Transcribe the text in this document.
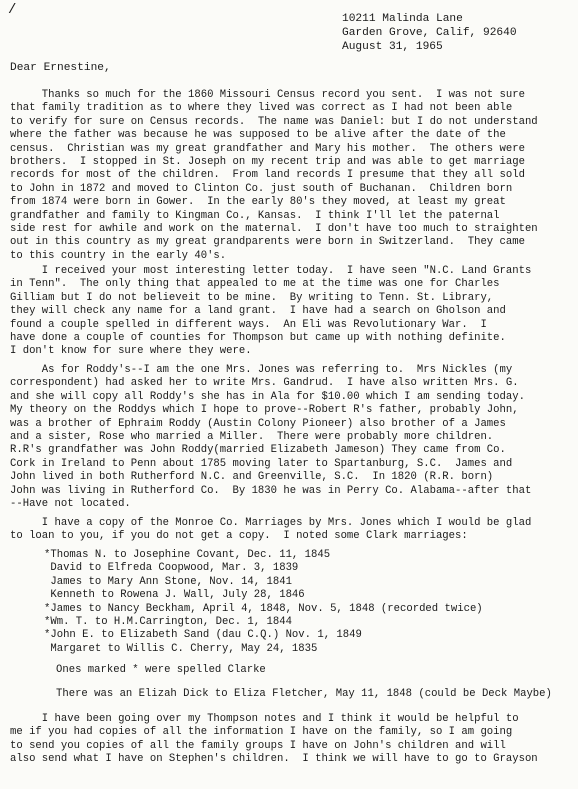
/
10211 Malinda Lane
Garden Grove, Calif, 92640
August 31, 1965
Dear Ernestine,
Thanks so much for the 1860 Missouri Census record you sent.  I was not sure
that family tradition as to where they lived was correct as I had not been able
to verify for sure on Census records.  The name was Daniel: but I do not understand
where the father was because he was supposed to be alive after the date of the
census.  Christian was my great grandfather and Mary his mother.  The others were
brothers.  I stopped in St. Joseph on my recent trip and was able to get marriage
records for most of the children.  From land records I presume that they all sold
to John in 1872 and moved to Clinton Co. just south of Buchanan.  Children born
from 1874 were born in Gower.  In the early 80's they moved, at least my great
grandfather and family to Kingman Co., Kansas.  I think I'll let the paternal
side rest for awhile and work on the maternal.  I don't have too much to straighten
out in this country as my great grandparents were born in Switzerland.  They came
to this country in the early 40's.
I received your most interesting letter today.  I have seen "N.C. Land Grants
in Tenn".  The only thing that appealed to me at the time was one for Charles
Gilliam but I do not believeit to be mine.  By writing to Tenn. St. Library,
they will check any name for a land grant.  I have had a search on Gholson and
found a couple spelled in different ways.  An Eli was Revolutionary War.  I
have done a couple of counties for Thompson but came up with nothing definite.
I don't know for sure where they were.
As for Roddy's--I am the one Mrs. Jones was referring to.  Mrs Nickles (my
correspondent) had asked her to write Mrs. Gandrud.  I have also written Mrs. G.
and she will copy all Roddy's she has in Ala for $10.00 which I am sending today.
My theory on the Roddys which I hope to prove--Robert R's father, probably John,
was a brother of Ephraim Roddy (Austin Colony Pioneer) also brother of a James
and a sister, Rose who married a Miller.  There were probably more children.
R.R's grandfather was John Roddy(married Elizabeth Jameson) They came from Co.
Cork in Ireland to Penn about 1785 moving later to Spartanburg, S.C.  James and
John lived in both Rutherford N.C. and Greenville, S.C.  In 1820 (R.R. born)
John was living in Rutherford Co.  By 1830 he was in Perry Co. Alabama--after that
--Have not located.
I have a copy of the Monroe Co. Marriages by Mrs. Jones which I would be glad
to loan to you, if you do not get a copy.  I noted some Clark marriages:
*Thomas N. to Josephine Covant, Dec. 11, 1845
David to Elfreda Coopwood, Mar. 3, 1839
James to Mary Ann Stone, Nov. 14, 1841
Kenneth to Rowena J. Wall, July 28, 1846
*James to Nancy Beckham, April 4, 1848, Nov. 5, 1848 (recorded twice)
*Wm. T. to H.M.Carrington, Dec. 1, 1844
*John E. to Elizabeth Sand (dau C.Q.) Nov. 1, 1849
Margaret to Willis C. Cherry, May 24, 1835
Ones marked * were spelled Clarke
There was an Elizah Dick to Eliza Fletcher, May 11, 1848 (could be Deck Maybe)
I have been going over my Thompson notes and I think it would be helpful to
me if you had copies of all the information I have on the family, so I am going
to send you copies of all the family groups I have on John's children and will
also send what I have on Stephen's children.  I think we will have to go to Grayson
